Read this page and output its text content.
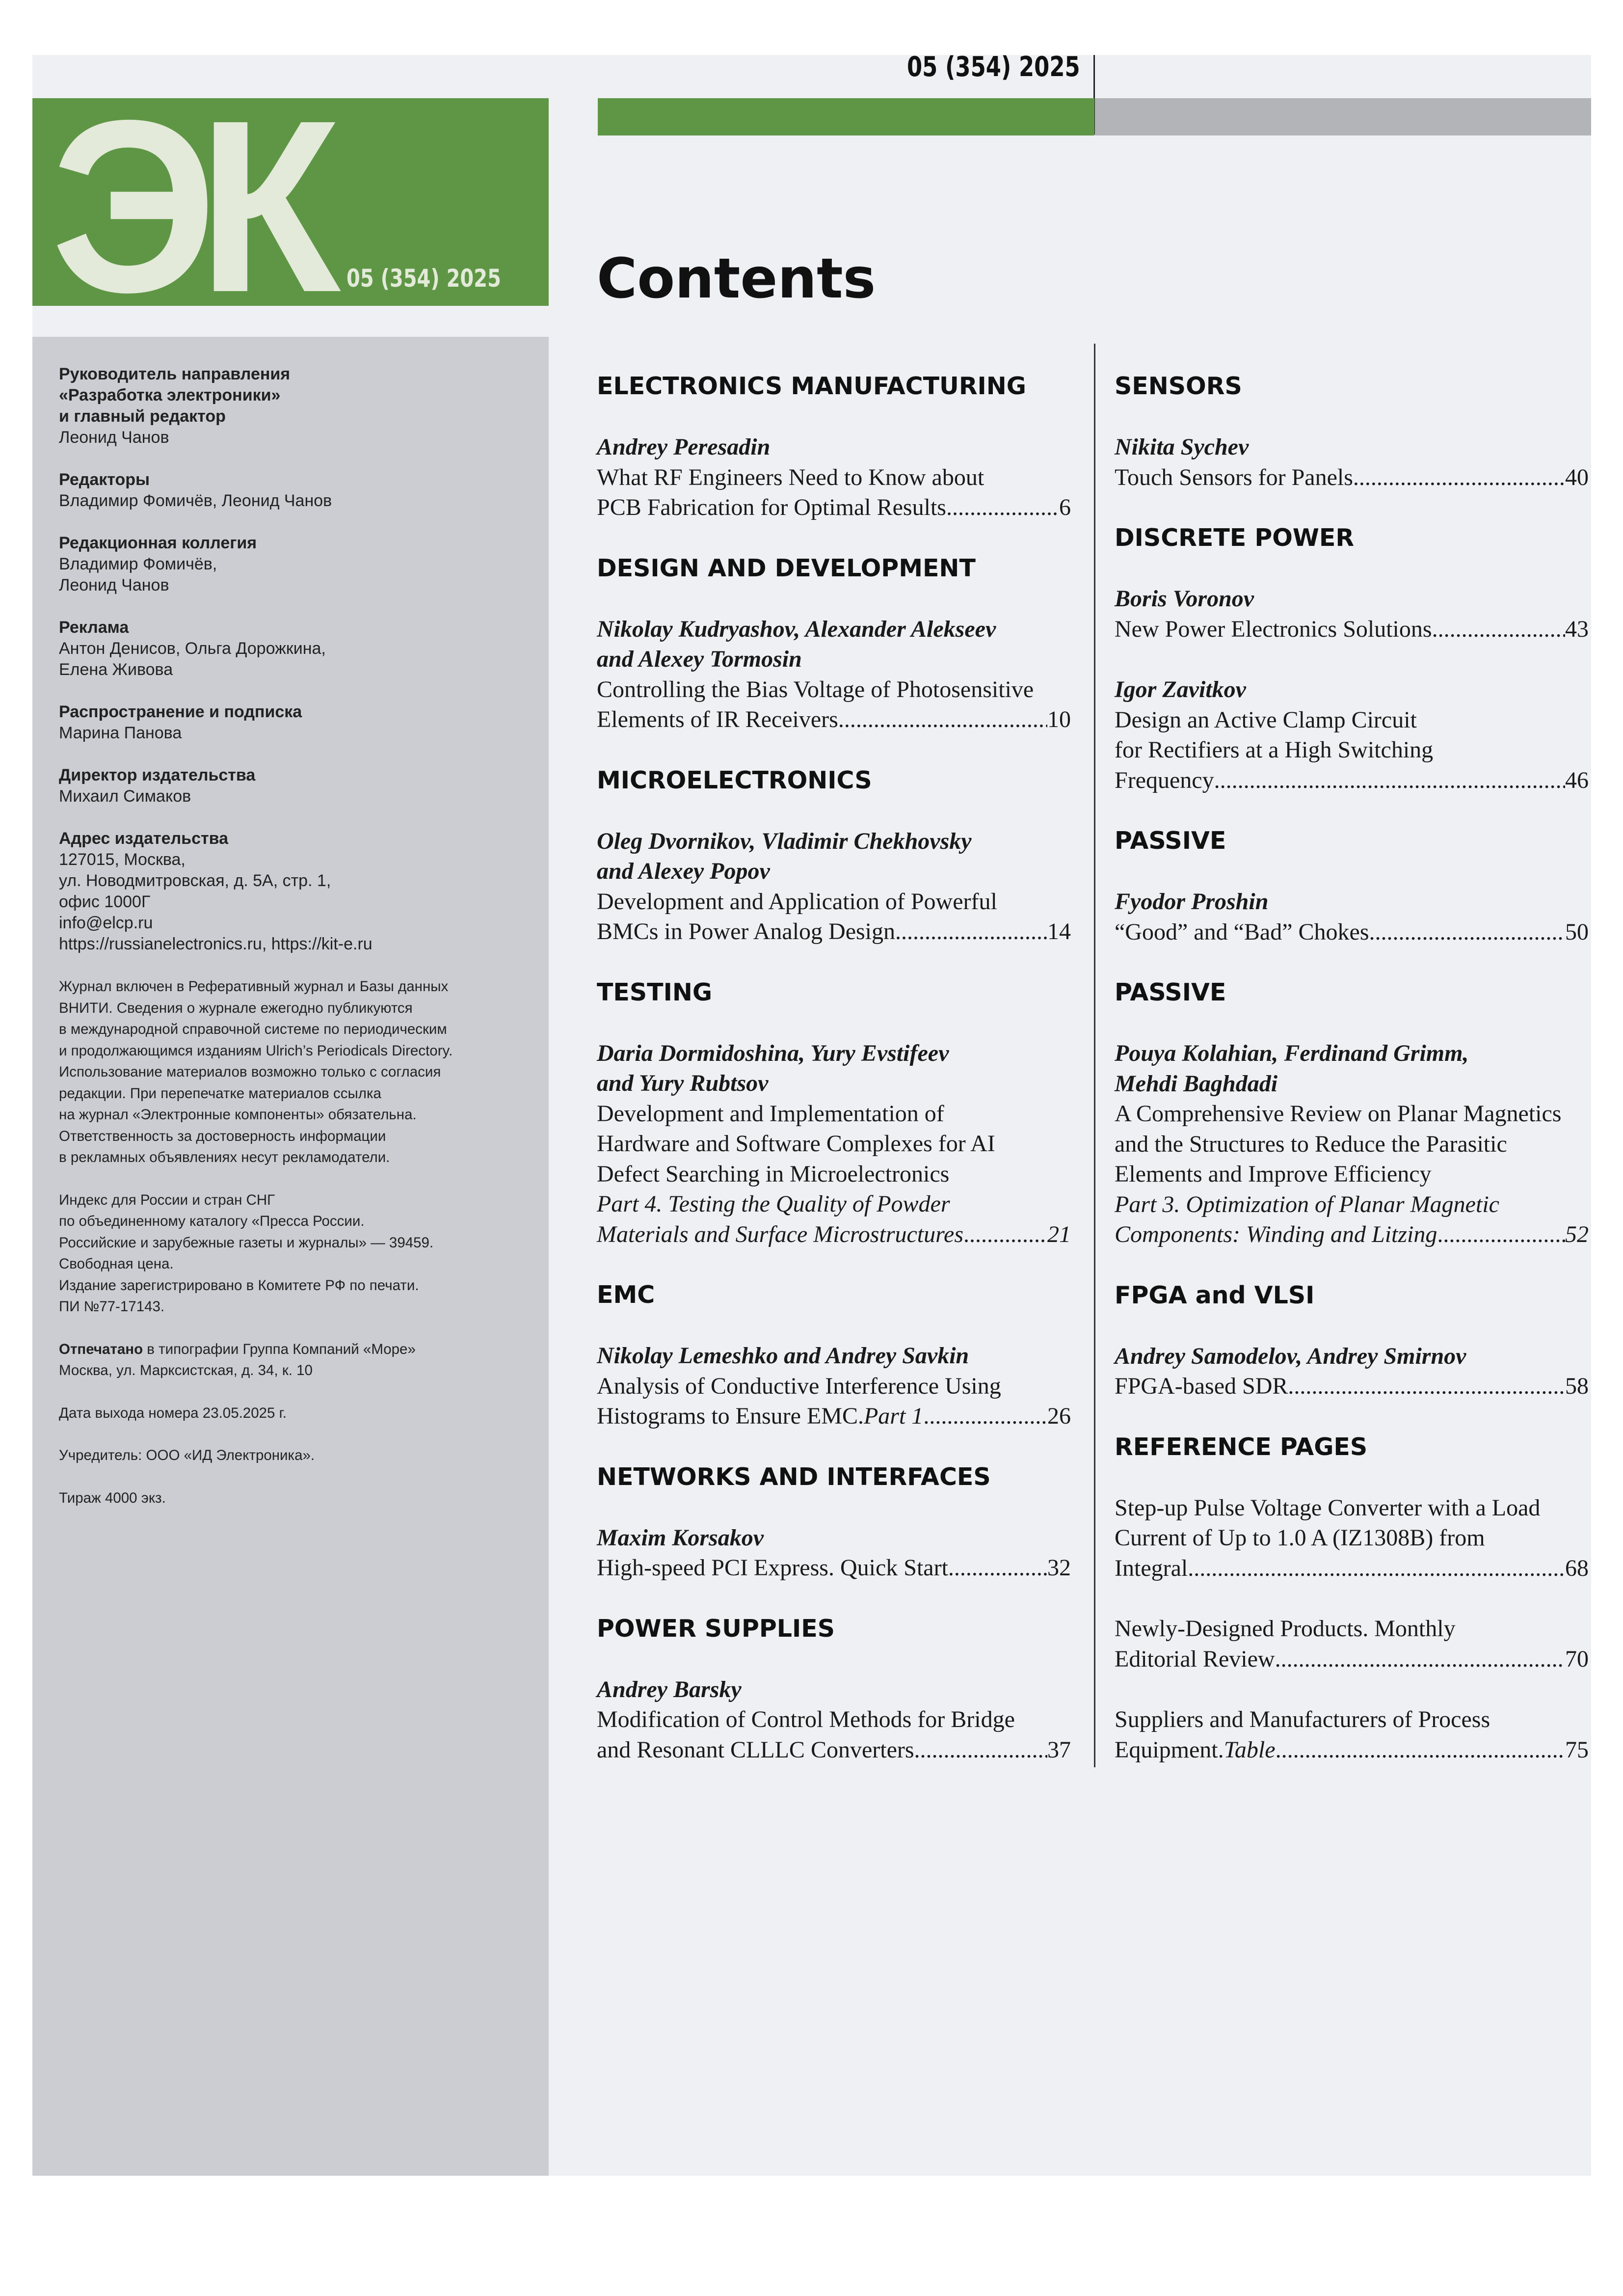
ЭК 05 (354) 2025
05 (354) 2025
Contents
Руководитель направления
«Разработка электроники»
и главный редактор
Леонид Чанов
Редакторы
Владимир Фомичёв, Леонид Чанов
Редакционная коллегия
Владимир Фомичёв,
Леонид Чанов
Реклама
Антон Денисов, Ольга Дорожкина,
Елена Живова
Распространение и подписка
Марина Панова
Директор издательства
Михаил Симаков
Адрес издательства
127015, Москва,
ул. Новодмитровская, д. 5А, стр. 1,
офис 1000Г
info@elcp.ru
https://russianelectronics.ru, https://kit-e.ru
Журнал включен в Реферативный журнал и Базы данных
ВНИТИ. Сведения о журнале ежегодно публикуются
в международной справочной системе по периодическим
и продолжающимся изданиям Ulrich’s Periodicals Directory.
Использование материалов возможно только с согласия
редакции. При перепечатке материалов ссылка
на журнал «Электронные компоненты» обязательна.
Ответственность за достоверность информации
в рекламных объявлениях несут рекламодатели.
Индекс для России и стран СНГ
по объединенному каталогу «Пресса России.
Российские и зарубежные газеты и журналы» — 39459.
Свободная цена.
Издание зарегистрировано в Комитете РФ по печати.
ПИ №77-17143.
Отпечатано в типографии Группа Компаний «Море»
Москва, ул. Марксистская, д. 34, к. 10
Дата выхода номера 23.05.2025 г.
Учредитель: ООО «ИД Электроника».
Тираж 4000 экз.
ELECTRONICS MANUFACTURING
Andrey Peresadin
What RF Engineers Need to Know about
PCB Fabrication for Optimal Results .....	6
DESIGN AND DEVELOPMENT
Nikolay Kudryashov, Alexander Alekseev
and Alexey Tormosin
Controlling the Bias Voltage of Photosensitive
Elements of IR Receivers .....	10
MICROELECTRONICS
Oleg Dvornikov, Vladimir Chekhovsky
and Alexey Popov
Development and Application of Powerful
BMCs in Power Analog Design .....	14
TESTING
Daria Dormidoshina, Yury Evstifeev
and Yury Rubtsov
Development and Implementation of
Hardware and Software Complexes for AI
Defect Searching in Microelectronics
Part 4. Testing the Quality of Powder
Materials and Surface Microstructures .....	21
EMC
Nikolay Lemeshko and Andrey Savkin
Analysis of Conductive Interference Using
Histograms to Ensure EMC. Part 1 .....	26
NETWORKS AND INTERFACES
Maxim Korsakov
High-speed PCI Express. Quick Start .....	32
POWER SUPPLIES
Andrey Barsky
Modification of Control Methods for Bridge
and Resonant CLLLC Converters .....	37
SENSORS
Nikita Sychev
Touch Sensors for Panels .....	40
DISCRETE POWER
Boris Voronov
New Power Electronics Solutions .....	43
Igor Zavitkov
Design an Active Clamp Circuit
for Rectifiers at a High Switching
Frequency .....	46
PASSIVE
Fyodor Proshin
“Good” and “Bad” Chokes .....	50
PASSIVE
Pouya Kolahian, Ferdinand Grimm,
Mehdi Baghdadi
A Comprehensive Review on Planar Magnetics
and the Structures to Reduce the Parasitic
Elements and Improve Efficiency
Part 3. Optimization of Planar Magnetic
Components: Winding and Litzing .....	52
FPGA and VLSI
Andrey Samodelov, Andrey Smirnov
FPGA-based SDR .....	58
REFERENCE PAGES
Step-up Pulse Voltage Converter with a Load
Current of Up to 1.0 A (IZ1308B) from
Integral .....	68
Newly-Designed Products. Monthly
Editorial Review .....	70
Suppliers and Manufacturers of Process
Equipment. Table .....	75
